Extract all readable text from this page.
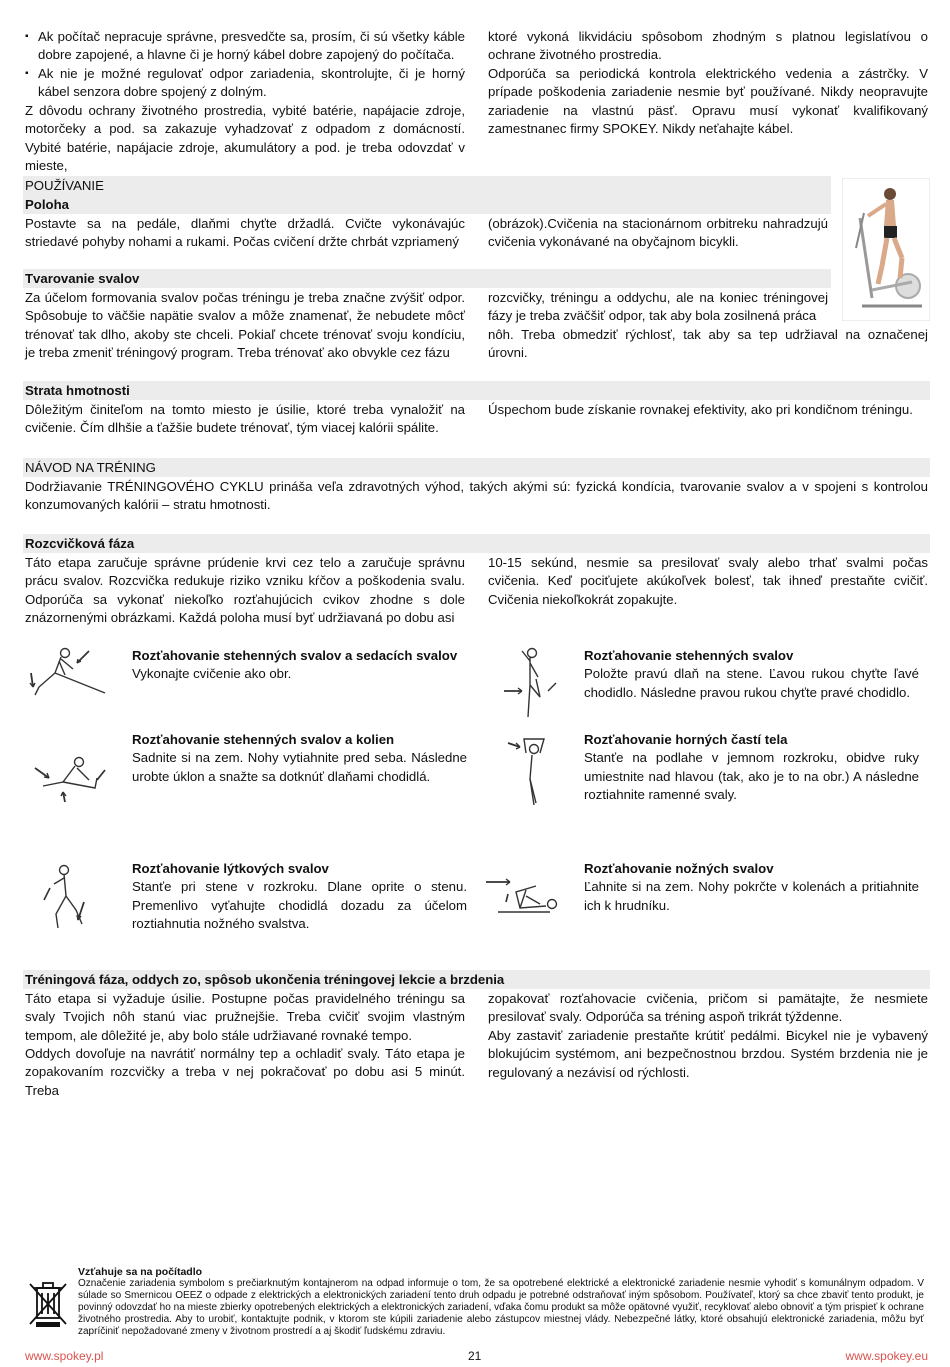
▪ Ak počítač nepracuje správne, presvedčte sa, prosím, či sú všetky káble dobre zapojené, a hlavne či je horný kábel dobre zapojený do počítača.
▪ Ak nie je možné regulovať odpor zariadenia, skontrolujte, či je horný kábel senzora dobre spojený z dolným.

Z dôvodu ochrany životného prostredia, vybité batérie, napájacie zdroje, motorčeky a pod. sa zakazuje vyhadzovať z odpadom z domácností. Vybité batérie, napájacie zdroje, akumulátory a pod. je treba odovzdať v mieste,

ktoré vykoná likvidáciu spôsobom zhodným s platnou legislatívou o ochrane životného prostredia.

Odporúča sa periodická kontrola elektrického vedenia a zástrčky. V prípade poškodenia zariadenie nesmie byť používané. Nikdy neopravujte zariadenie na vlastnú päsť. Opravu musí vykonať kvalifikovaný zamestnanec firmy SPOKEY. Nikdy neťahajte kábel.

POUŽÍVANIE
Poloha

Postavte sa na pedále, dlaňmi chyťte držadlá. Cvičte vykonávajúc striedavé pohyby nohami a rukami. Počas cvičení držte chrbát vzpriamený

(obrázok).Cvičenia na stacionárnom orbitreku nahradzujú cvičenia vykonávané na obyčajnom bicykli.

Tvarovanie svalov

Za účelom formovania svalov počas tréningu je treba značne zvýšiť odpor. Spôsobuje to väčšie napätie svalov a môže znamenať, že nebudete môcť trénovať tak dlho, akoby ste chceli. Pokiaľ chcete trénovať svoju kondíciu, je treba zmeniť tréningový program. Treba trénovať ako obvykle cez fázu

rozcvičky, tréningu a oddychu, ale na koniec tréningovej fázy je treba zväčšiť odpor, tak aby bola zosilnená práca

nôh. Treba obmedziť rýchlosť, tak aby sa tep udržiaval na označenej úrovni.

Strata hmotnosti

Dôležitým činiteľom na tomto miesto je úsilie, ktoré treba vynaložiť na cvičenie. Čím dlhšie a ťažšie budete trénovať, tým viacej kalórii spálite.

Úspechom bude získanie rovnakej efektivity, ako pri kondičnom tréningu.

NÁVOD NA TRÉNING

Dodržiavanie TRÉNINGOVÉHO CYKLU prináša veľa zdravotných výhod, takých akými sú: fyzická kondícia, tvarovanie svalov a v spojeni s kontrolou konzumovaných kalórii – stratu hmotnosti.

Rozcvičková fáza

Táto etapa zaručuje správne prúdenie krvi cez telo a zaručuje správnu prácu svalov. Rozcvička redukuje riziko vzniku kŕčov a poškodenia svalu. Odporúča sa vykonať niekoľko rozťahujúcich cvikov zhodne s dole znázornenými obrázkami. Každá poloha musí byť udržiavaná po dobu asi

10-15 sekúnd, nesmie sa presilovať svaly alebo trhať svalmi počas cvičenia. Keď pociťujete akúkoľvek bolesť, tak ihneď prestaňte cvičiť. Cvičenia niekoľkokrát zopakujte.

Rozťahovanie stehenných svalov a sedacích svalov
Vykonajte cvičenie ako obr.
Rozťahovanie stehenných svalov
Položte pravú dlaň na stene. Ľavou rukou chyťte ľavé chodidlo. Následne pravou rukou chyťte pravé chodidlo.
Rozťahovanie stehenných svalov a kolien
Sadnite si na zem. Nohy vytiahnite pred seba. Následne urobte úklon a snažte sa dotknúť dlaňami chodidlá.
Rozťahovanie horných častí tela
Stanťe na podlahe v jemnom rozkroku, obidve ruky umiestnite nad hlavou (tak, ako je to na obr.) A následne roztiahnite ramenné svaly.
Rozťahovanie lýtkových svalov
Stanťe pri stene v rozkroku. Dlane oprite o stenu. Premenlivo vyťahujte chodidlá dozadu za účelom roztiahnutia nožného svalstva.
Rozťahovanie nožných svalov
Ľahnite si na zem. Nohy pokrčte v kolenách a pritiahnite ich k hrudníku.
Tréningová fáza, oddych zo, spôsob ukončenia tréningovej lekcie a brzdenia

Táto etapa si vyžaduje úsilie. Postupne počas pravidelného tréningu sa svaly Tvojich nôh stanú viac pružnejšie. Treba cvičiť svojim vlastným tempom, ale dôležité je, aby bolo stále udržiavané rovnaké tempo.

Oddych dovoľuje na navrátiť normálny tep a ochladiť svaly. Táto etapa je zopakovaním rozcvičky a treba v nej pokračovať po dobu asi 5 minút. Treba

zopakovať rozťahovacie cvičenia, pričom si pamätajte, že nesmiete presilovať svaly. Odporúča sa tréning aspoň trikrát týždenne.

Aby zastaviť zariadenie prestaňte krútiť pedálmi. Bicykel nie je vybavený blokujúcim systémom, ani bezpečnostnou brzdou. Systém brzdenia nie je regulovaný a nezávisí od rýchlosti.

Vzťahuje sa na počítadlo
Označenie zariadenia symbolom s prečiarknutým kontajnerom na odpad informuje o tom, že sa opotrebené elektrické a elektronické zariadenie nesmie vyhodiť s komunálnym odpadom. V súlade so Smernicou OEEZ o odpade z elektrických a elektronických zariadení tento druh odpadu je potrebné odstraňovať iným spôsobom. Používateľ, ktorý sa chce zbaviť tento produkt, je povinný odovzdať ho na mieste zbierky opotrebených elektrických a elektronických zariadení, vďaka čomu produkt sa môže opätovné využiť, recyklovať alebo obnoviť a tým prispieť k ochrane životného prostredia. Aby to urobiť, kontaktujte podnik, v ktorom ste kúpili zariadenie alebo zástupcov miestnej vlády. Nebezpečné látky, ktoré obsahujú elektronické zariadenia, môžu byť zapríčiniť nepožadované zmeny v životnom prostredí a aj škodiť ľudskému zdraviu.
www.spokey.pl	21	www.spokey.eu
